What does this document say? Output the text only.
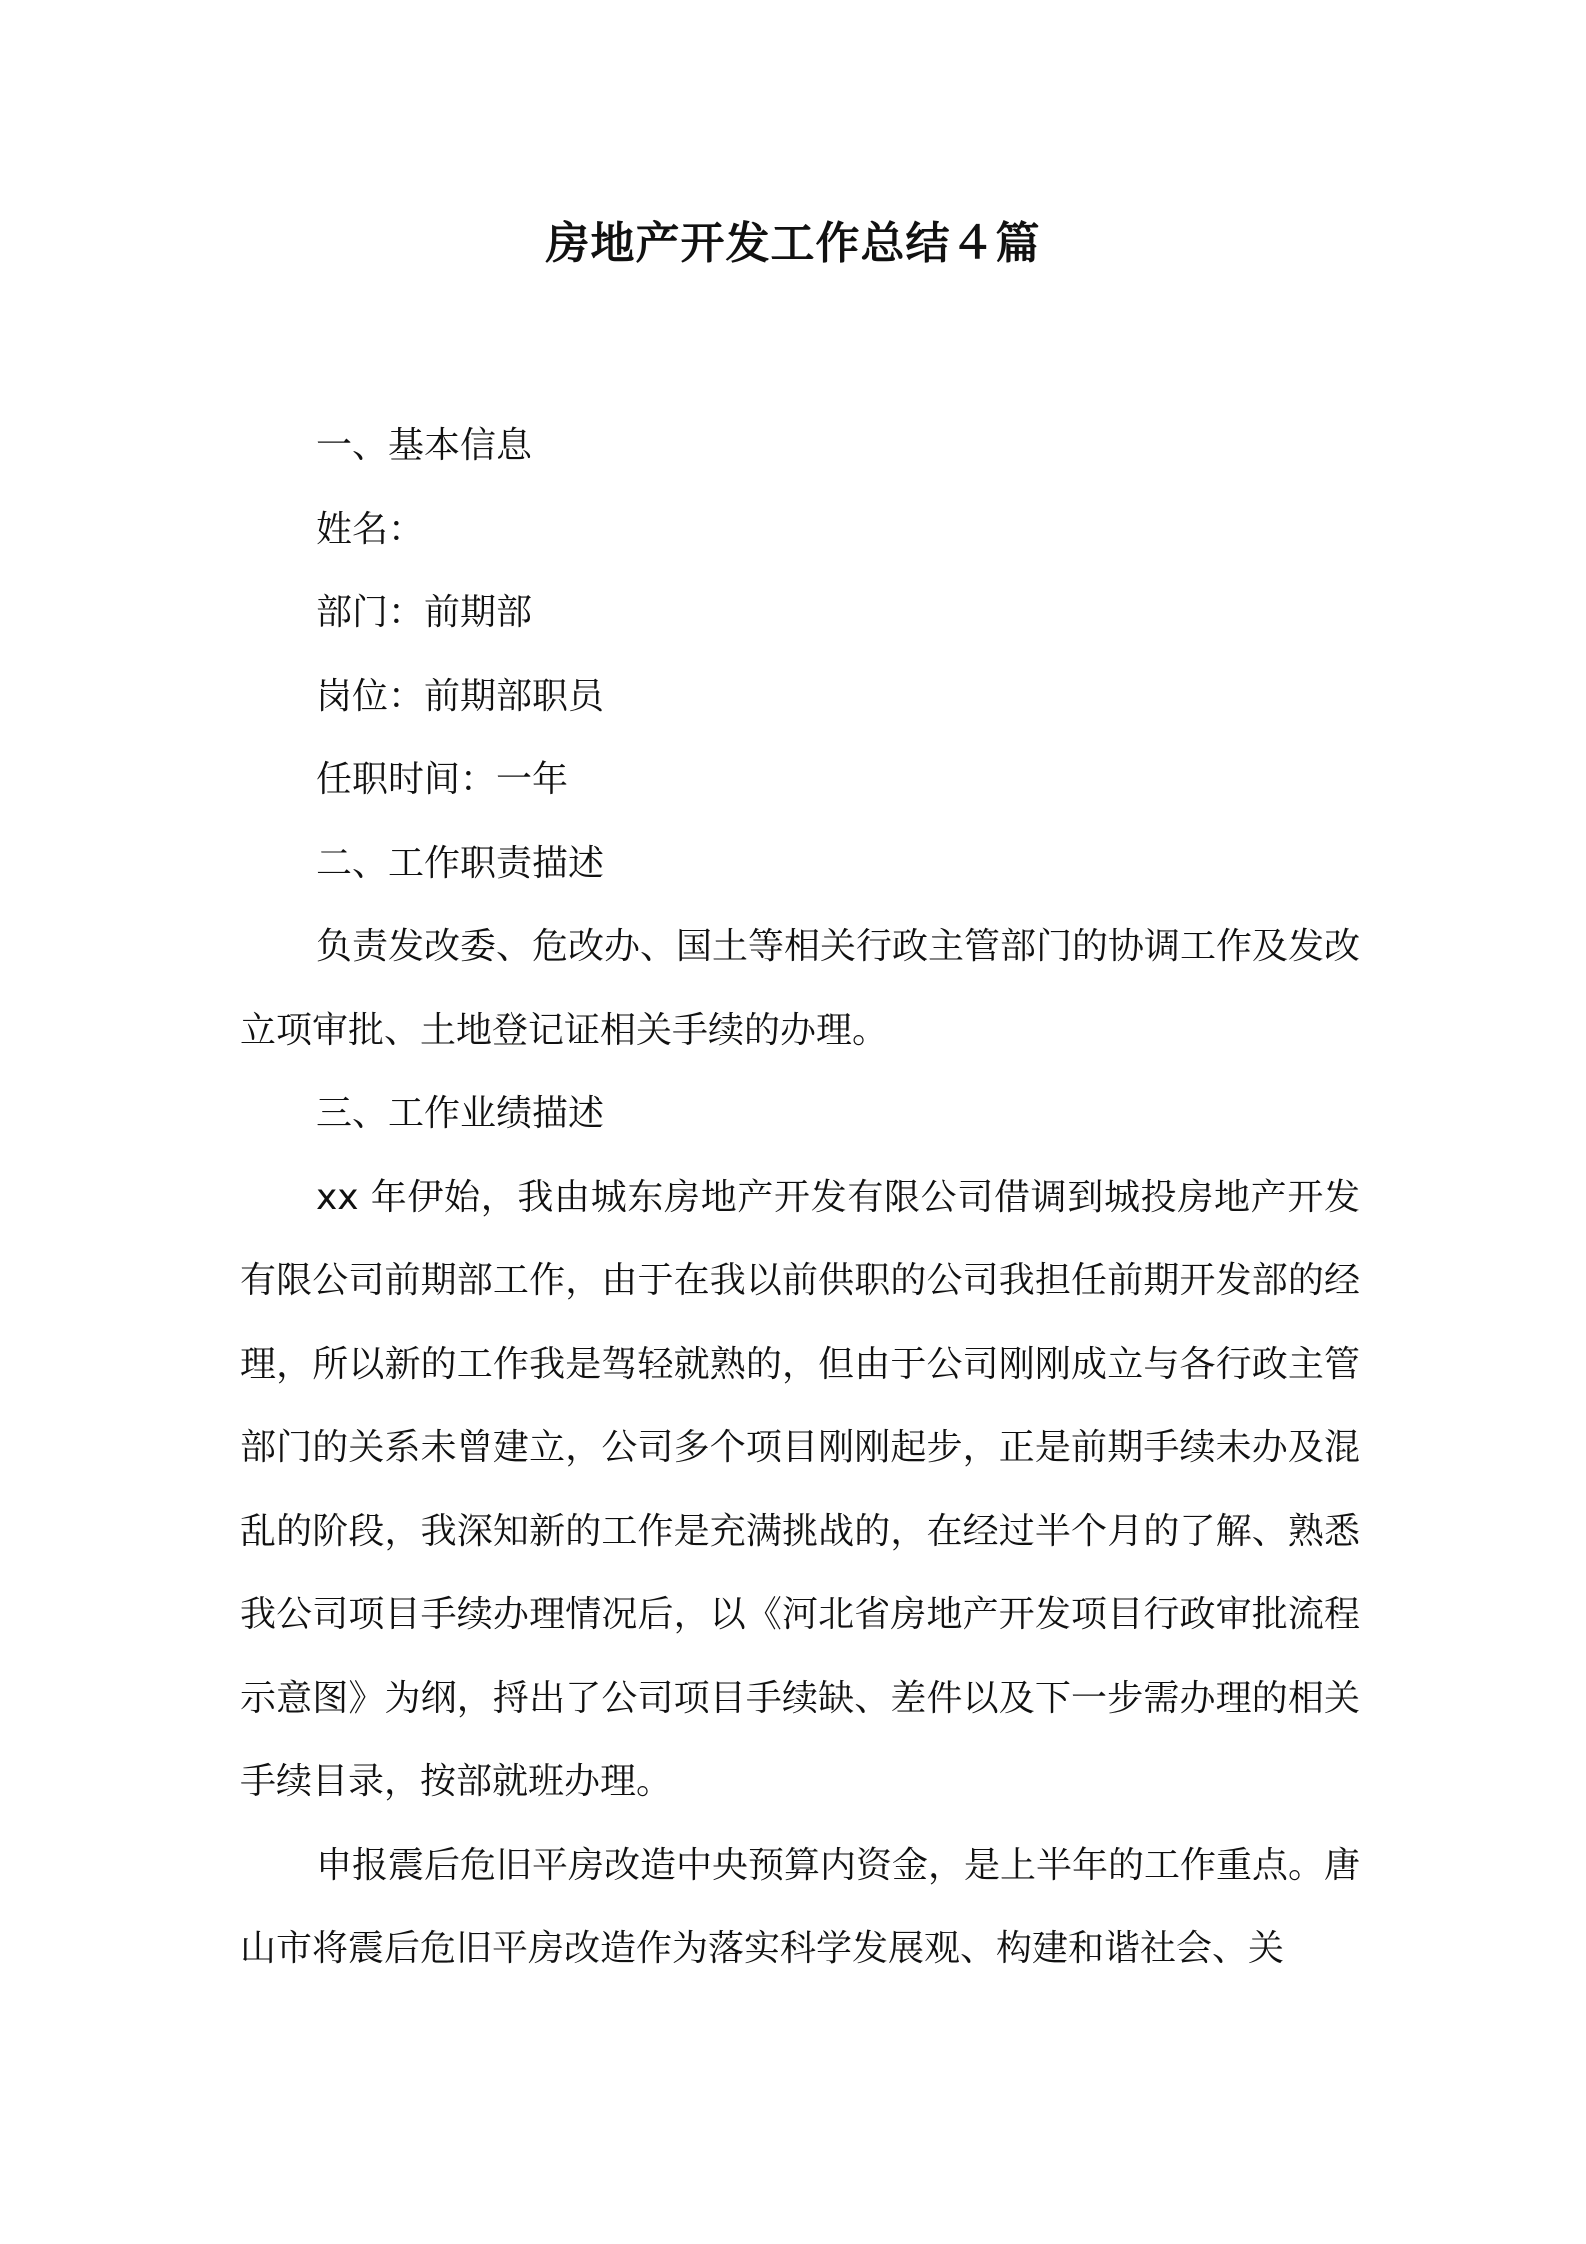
房地产开发工作总结４篇

一、基本信息

姓名：

部门：前期部

岗位：前期部职员

任职时间：一年

二、工作职责描述

负责发改委、危改办、国土等相关行政主管部门的协调工作及发改立项审批、土地登记证相关手续的办理。

三、工作业绩描述

xx 年伊始，我由城东房地产开发有限公司借调到城投房地产开发有限公司前期部工作，由于在我以前供职的公司我担任前期开发部的经理，所以新的工作我是驾轻就熟的，但由于公司刚刚成立与各行政主管部门的关系未曾建立，公司多个项目刚刚起步，正是前期手续未办及混乱的阶段，我深知新的工作是充满挑战的，在经过半个月的了解、熟悉我公司项目手续办理情况后，以《河北省房地产开发项目行政审批流程示意图》为纲，捋出了公司项目手续缺、差件以及下一步需办理的相关手续目录，按部就班办理。

申报震后危旧平房改造中央预算内资金，是上半年的工作重点。唐山市将震后危旧平房改造作为落实科学发展观、构建和谐社会、关
